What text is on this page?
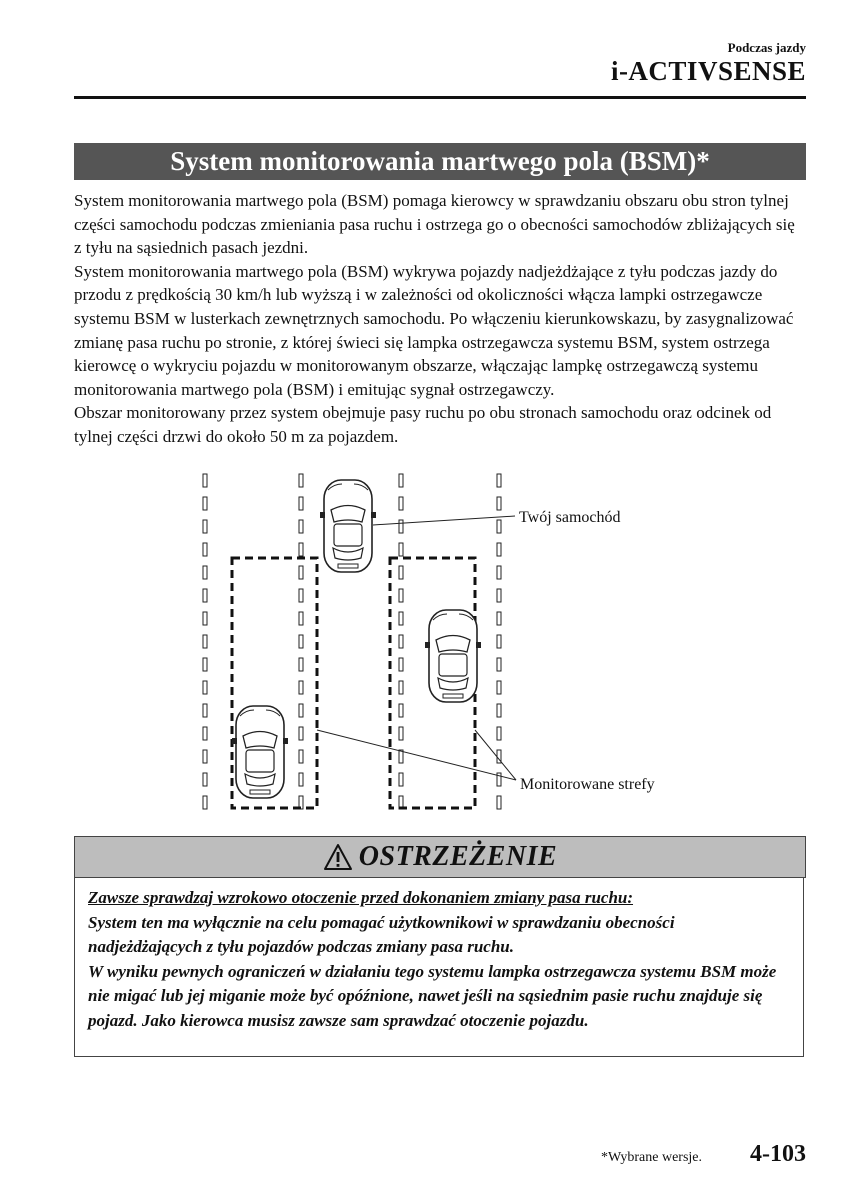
Podczas jazdy
i-ACTIVSENSE
System monitorowania martwego pola (BSM)*

System monitorowania martwego pola (BSM) pomaga kierowcy w sprawdzaniu obszaru obu stron tylnej części samochodu podczas zmieniania pasa ruchu i ostrzega go o obecności samochodów zbliżających się z tyłu na sąsiednich pasach jezdni.

System monitorowania martwego pola (BSM) wykrywa pojazdy nadjeżdżające z tyłu podczas jazdy do przodu z prędkością 30 km/h lub wyższą i w zależności od okoliczności włącza lampki ostrzegawcze systemu BSM w lusterkach zewnętrznych samochodu. Po włączeniu kierunkowskazu, by zasygnalizować zmianę pasa ruchu po stronie, z której świeci się lampka ostrzegawcza systemu BSM, system ostrzega kierowcę o wykryciu pojazdu w monitorowanym obszarze, włączając lampkę ostrzegawczą systemu monitorowania martwego pola (BSM) i emitując sygnał ostrzegawczy.

Obszar monitorowany przez system obejmuje pasy ruchu po obu stronach samochodu oraz odcinek od tylnej części drzwi do około 50 m za pojazdem.

Twój samochód
Monitorowane strefy
OSTRZEŻENIE

Zawsze sprawdzaj wzrokowo otoczenie przed dokonaniem zmiany pasa ruchu:

System ten ma wyłącznie na celu pomagać użytkownikowi w sprawdzaniu obecności nadjeżdżających z tyłu pojazdów podczas zmiany pasa ruchu.

W wyniku pewnych ograniczeń w działaniu tego systemu lampka ostrzegawcza systemu BSM może nie migać lub jej miganie może być opóźnione, nawet jeśli na sąsiednim pasie ruchu znajduje się pojazd. Jako kierowca musisz zawsze sam sprawdzać otoczenie pojazdu.

*Wybrane wersje. 4-103
